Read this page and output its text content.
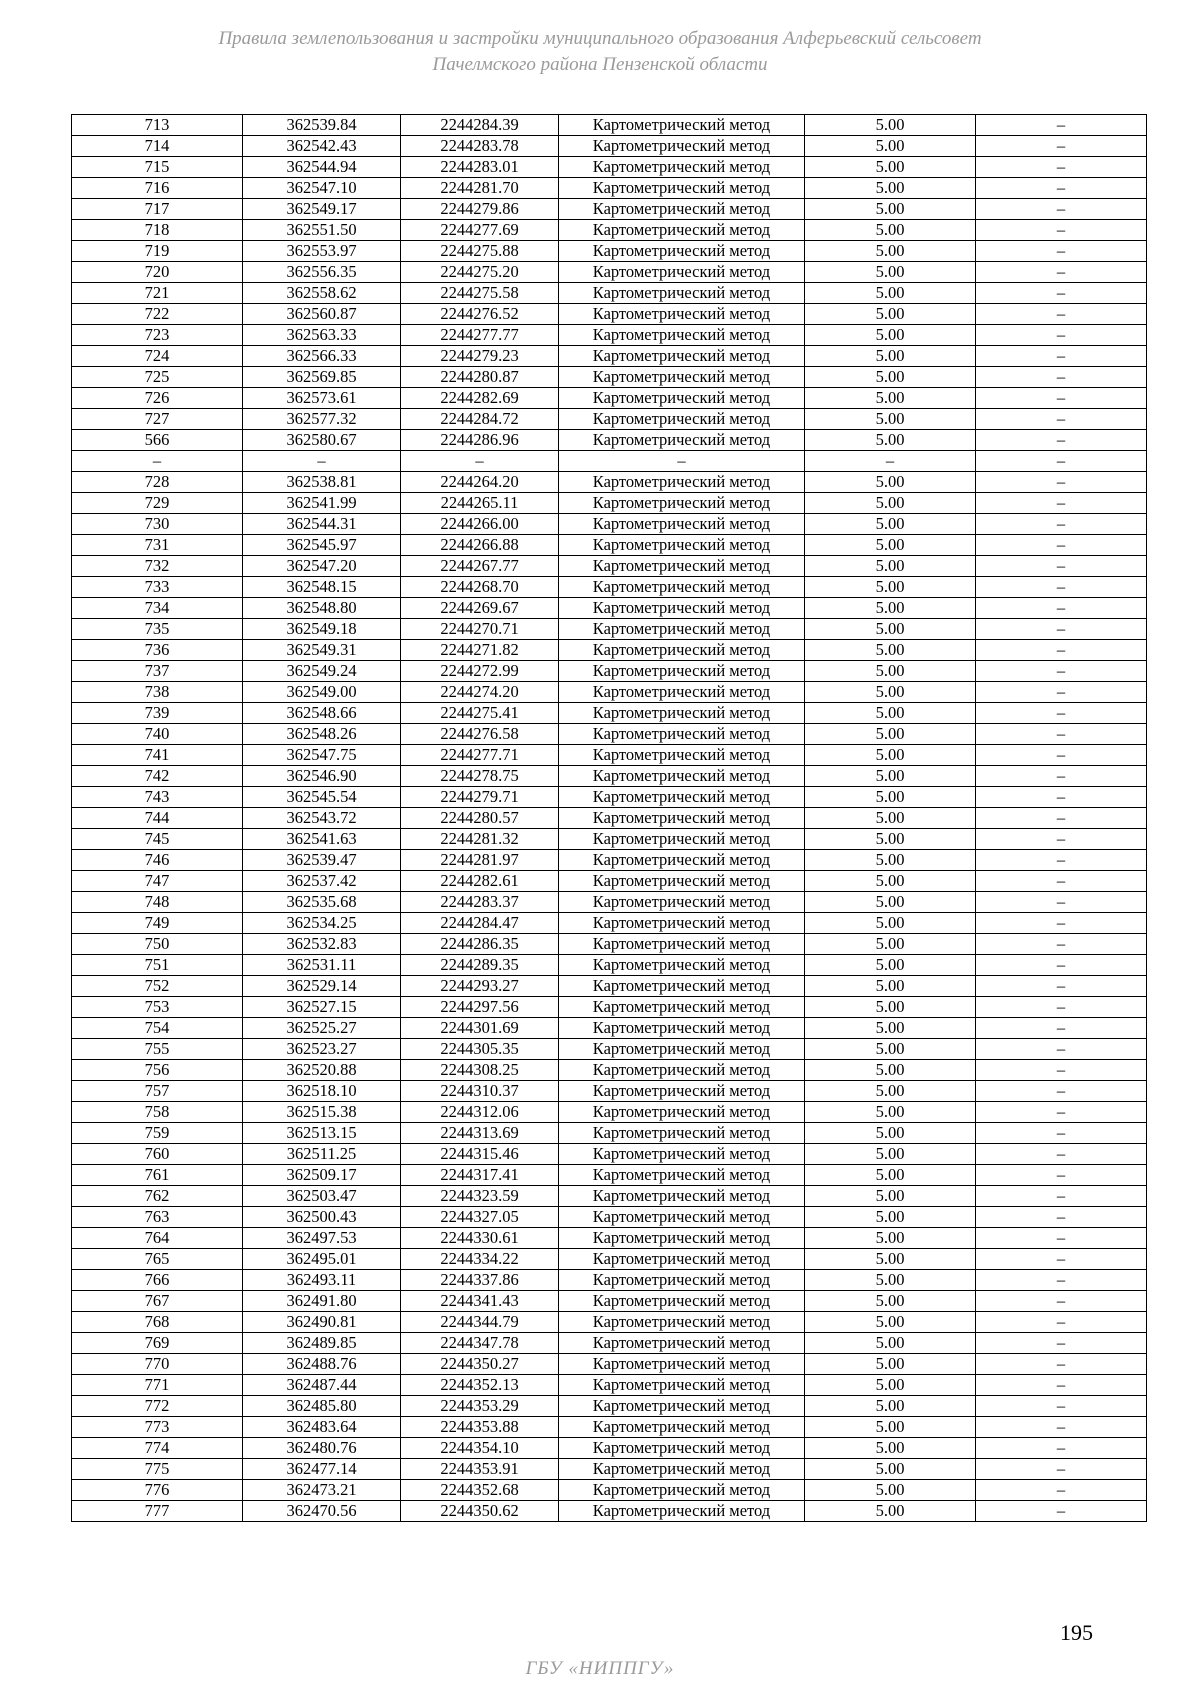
Правила землепользования и застройки муниципального образования Алферьевский сельсовет
Пачелмского района Пензенской области
713	362539.84	2244284.39	Картометрический метод	5.00	–
714	362542.43	2244283.78	Картометрический метод	5.00	–
715	362544.94	2244283.01	Картометрический метод	5.00	–
716	362547.10	2244281.70	Картометрический метод	5.00	–
717	362549.17	2244279.86	Картометрический метод	5.00	–
718	362551.50	2244277.69	Картометрический метод	5.00	–
719	362553.97	2244275.88	Картометрический метод	5.00	–
720	362556.35	2244275.20	Картометрический метод	5.00	–
721	362558.62	2244275.58	Картометрический метод	5.00	–
722	362560.87	2244276.52	Картометрический метод	5.00	–
723	362563.33	2244277.77	Картометрический метод	5.00	–
724	362566.33	2244279.23	Картометрический метод	5.00	–
725	362569.85	2244280.87	Картометрический метод	5.00	–
726	362573.61	2244282.69	Картометрический метод	5.00	–
727	362577.32	2244284.72	Картометрический метод	5.00	–
566	362580.67	2244286.96	Картометрический метод	5.00	–
–	–	–	–	–	–
728	362538.81	2244264.20	Картометрический метод	5.00	–
729	362541.99	2244265.11	Картометрический метод	5.00	–
730	362544.31	2244266.00	Картометрический метод	5.00	–
731	362545.97	2244266.88	Картометрический метод	5.00	–
732	362547.20	2244267.77	Картометрический метод	5.00	–
733	362548.15	2244268.70	Картометрический метод	5.00	–
734	362548.80	2244269.67	Картометрический метод	5.00	–
735	362549.18	2244270.71	Картометрический метод	5.00	–
736	362549.31	2244271.82	Картометрический метод	5.00	–
737	362549.24	2244272.99	Картометрический метод	5.00	–
738	362549.00	2244274.20	Картометрический метод	5.00	–
739	362548.66	2244275.41	Картометрический метод	5.00	–
740	362548.26	2244276.58	Картометрический метод	5.00	–
741	362547.75	2244277.71	Картометрический метод	5.00	–
742	362546.90	2244278.75	Картометрический метод	5.00	–
743	362545.54	2244279.71	Картометрический метод	5.00	–
744	362543.72	2244280.57	Картометрический метод	5.00	–
745	362541.63	2244281.32	Картометрический метод	5.00	–
746	362539.47	2244281.97	Картометрический метод	5.00	–
747	362537.42	2244282.61	Картометрический метод	5.00	–
748	362535.68	2244283.37	Картометрический метод	5.00	–
749	362534.25	2244284.47	Картометрический метод	5.00	–
750	362532.83	2244286.35	Картометрический метод	5.00	–
751	362531.11	2244289.35	Картометрический метод	5.00	–
752	362529.14	2244293.27	Картометрический метод	5.00	–
753	362527.15	2244297.56	Картометрический метод	5.00	–
754	362525.27	2244301.69	Картометрический метод	5.00	–
755	362523.27	2244305.35	Картометрический метод	5.00	–
756	362520.88	2244308.25	Картометрический метод	5.00	–
757	362518.10	2244310.37	Картометрический метод	5.00	–
758	362515.38	2244312.06	Картометрический метод	5.00	–
759	362513.15	2244313.69	Картометрический метод	5.00	–
760	362511.25	2244315.46	Картометрический метод	5.00	–
761	362509.17	2244317.41	Картометрический метод	5.00	–
762	362503.47	2244323.59	Картометрический метод	5.00	–
763	362500.43	2244327.05	Картометрический метод	5.00	–
764	362497.53	2244330.61	Картометрический метод	5.00	–
765	362495.01	2244334.22	Картометрический метод	5.00	–
766	362493.11	2244337.86	Картометрический метод	5.00	–
767	362491.80	2244341.43	Картометрический метод	5.00	–
768	362490.81	2244344.79	Картометрический метод	5.00	–
769	362489.85	2244347.78	Картометрический метод	5.00	–
770	362488.76	2244350.27	Картометрический метод	5.00	–
771	362487.44	2244352.13	Картометрический метод	5.00	–
772	362485.80	2244353.29	Картометрический метод	5.00	–
773	362483.64	2244353.88	Картометрический метод	5.00	–
774	362480.76	2244354.10	Картометрический метод	5.00	–
775	362477.14	2244353.91	Картометрический метод	5.00	–
776	362473.21	2244352.68	Картометрический метод	5.00	–
777	362470.56	2244350.62	Картометрический метод	5.00	–
195
ГБУ «НИППГУ»
